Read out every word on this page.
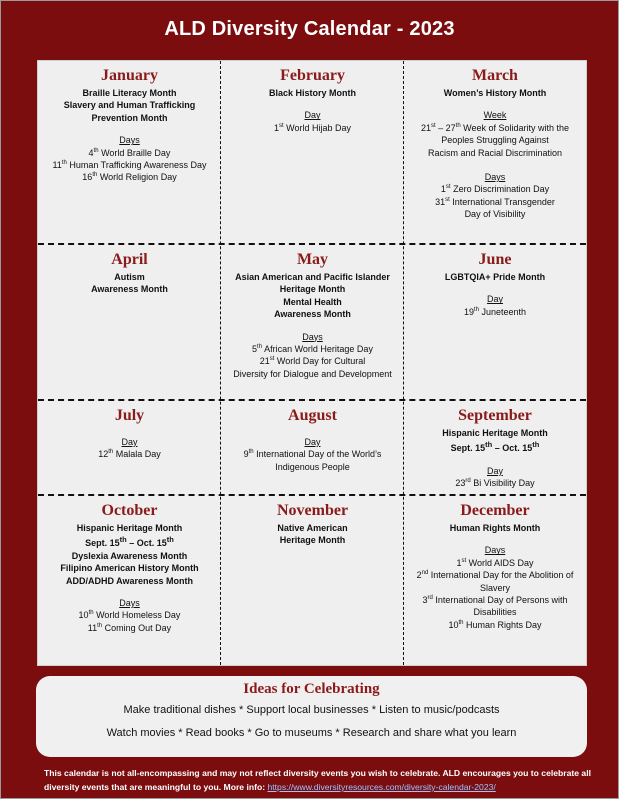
ALD Diversity Calendar - 2023
January
Braille Literacy Month
Slavery and Human Trafficking
Prevention Month
Days
4th World Braille Day
11th Human Trafficking Awareness Day
16th World Religion Day
February
Black History Month
Day
1st World Hijab Day
March
Women’s History Month
Week
21st – 27th Week of Solidarity with the
Peoples Struggling Against
Racism and Racial Discrimination
Days
1st Zero Discrimination Day
31st International Transgender
Day of Visibility
April
Autism
Awareness Month
May
Asian American and Pacific Islander
Heritage Month
Mental Health
Awareness Month
Days
5th African World Heritage Day
21st World Day for Cultural
Diversity for Dialogue and Development
June
LGBTQIA+ Pride Month
Day
19th Juneteenth
July
Day
12th Malala Day
August
Day
9th International Day of the World’s
Indigenous People
September
Hispanic Heritage Month
Sept. 15th – Oct. 15th
Day
23rd Bi Visibility Day
October
Hispanic Heritage Month
Sept. 15th – Oct. 15th
Dyslexia Awareness Month
Filipino American History Month
ADD/ADHD Awareness Month
Days
10th World Homeless Day
11th Coming Out Day
November
Native American
Heritage Month
December
Human Rights Month
Days
1st World AIDS Day
2nd International Day for the Abolition of
Slavery
3rd International Day of Persons with
Disabilities
10th Human Rights Day
Ideas for Celebrating
Make traditional dishes * Support local businesses * Listen to music/podcasts
Watch movies * Read books * Go to museums * Research and share what you learn
This calendar is not all-encompassing and may not reflect diversity events you wish to celebrate. ALD encourages you to celebrate all diversity events that are meaningful to you. More info: https://www.diversityresources.com/diversity-calendar-2023/
